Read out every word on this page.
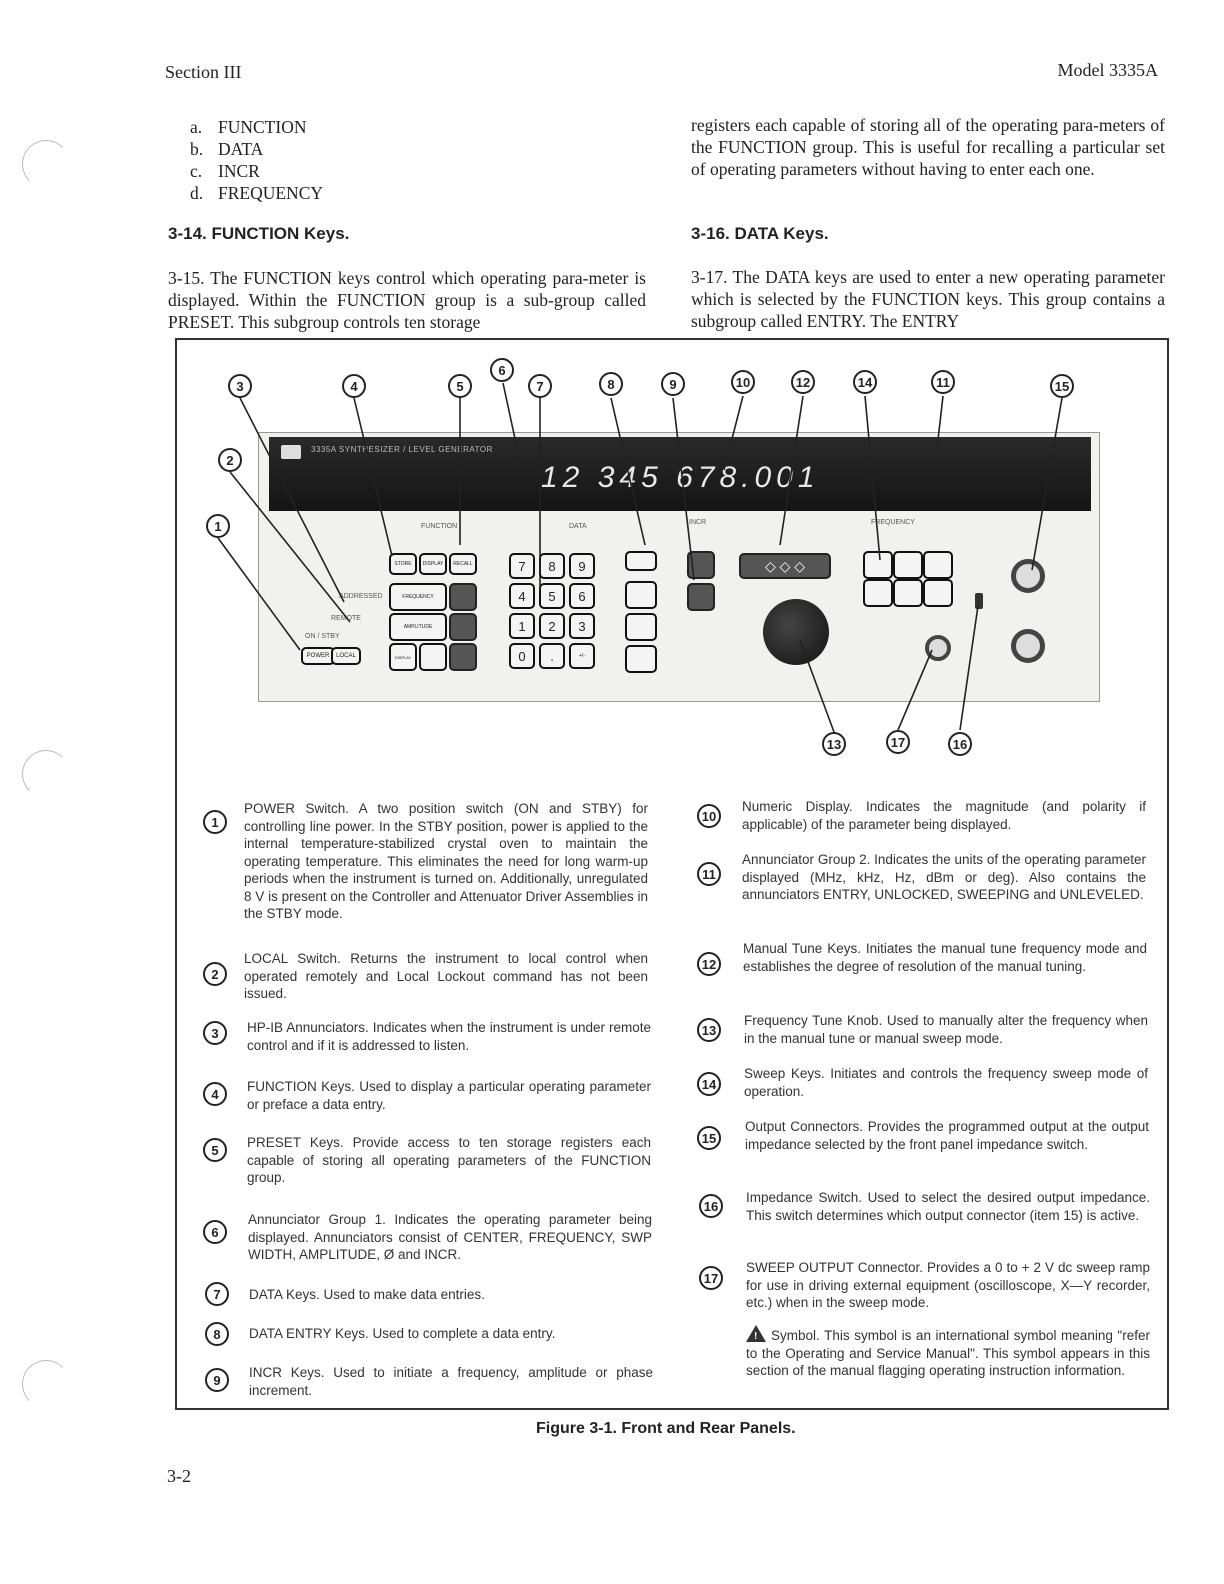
Section III	Model 3335A
a. FUNCTION
b. DATA
c. INCR
d. FREQUENCY
3-14. FUNCTION Keys.
3-15. The FUNCTION keys control which operating para-meter is displayed. Within the FUNCTION group is a sub-group called PRESET. This subgroup controls ten storage
registers each capable of storing all of the operating para-meters of the FUNCTION group. This is useful for recalling a particular set of operating parameters without having to enter each one.
3-16. DATA Keys.
3-17. The DATA keys are used to enter a new operating parameter which is selected by the FUNCTION keys. This group contains a subgroup called ENTRY. The ENTRY
3335A SYNTHESIZER / LEVEL GENERATOR
12 345 678.001
FUNCTION	DATA
INCR	FREQUENCY
ADDRESSED
REMOTE
ON / STBY
POWER	LOCAL
STORE	DISPLAY	RECALL
FREQUENCY
AMPLITUDE
DISPLAY
7	8	9
4	5	6
1	2	3
0	.	+/-
◇ ◇ ◇
3	4	5
6
7	8	9	10	12	14	11	15
2
1
13	17	16
1
POWER Switch. A two position switch (ON and STBY) for controlling line power. In the STBY position, power is applied to the internal temperature-stabilized crystal oven to maintain the operating temperature. This eliminates the need for long warm-up periods when the instrument is turned on. Additionally, unregulated 8 V is present on the Controller and Attenuator Driver Assemblies in the STBY mode.
2
LOCAL Switch. Returns the instrument to local control when operated remotely and Local Lockout command has not been issued.
3	HP-IB Annunciators. Indicates when the instrument is under remote control and if it is addressed to listen.
4	FUNCTION Keys. Used to display a particular operating parameter or preface a data entry.
5	PRESET Keys. Provide access to ten storage registers each capable of storing all operating parameters of the FUNCTION group.
6
Annunciator Group 1. Indicates the operating parameter being displayed. Annunciators consist of CENTER, FREQUENCY, SWP WIDTH, AMPLITUDE, Ø and INCR.
7	DATA Keys. Used to make data entries.
8	DATA ENTRY Keys. Used to complete a data entry.
9	INCR Keys. Used to initiate a frequency, amplitude or phase increment.
10
Numeric Display. Indicates the magnitude (and polarity if applicable) of the parameter being displayed.
11
Annunciator Group 2. Indicates the units of the operating parameter displayed (MHz, kHz, Hz, dBm or deg). Also contains the annunciators ENTRY, UNLOCKED, SWEEPING and UNLEVELED.
12
Manual Tune Keys. Initiates the manual tune frequency mode and establishes the degree of resolution of the manual tuning.
13
Frequency Tune Knob. Used to manually alter the frequency when in the manual tune or manual sweep mode.
14
Sweep Keys. Initiates and controls the frequency sweep mode of operation.
15
Output Connectors. Provides the programmed output at the output impedance selected by the front panel impedance switch.
16
Impedance Switch. Used to select the desired output impedance. This switch determines which output connector (item 15) is active.
17
SWEEP OUTPUT Connector. Provides a 0 to + 2 V dc sweep ramp for use in driving external equipment (oscilloscope, X—Y recorder, etc.) when in the sweep mode.
!Symbol. This symbol is an international symbol meaning "refer to the Operating and Service Manual". This symbol appears in this section of the manual flagging operating instruction information.
Figure 3-1. Front and Rear Panels.
3-2
